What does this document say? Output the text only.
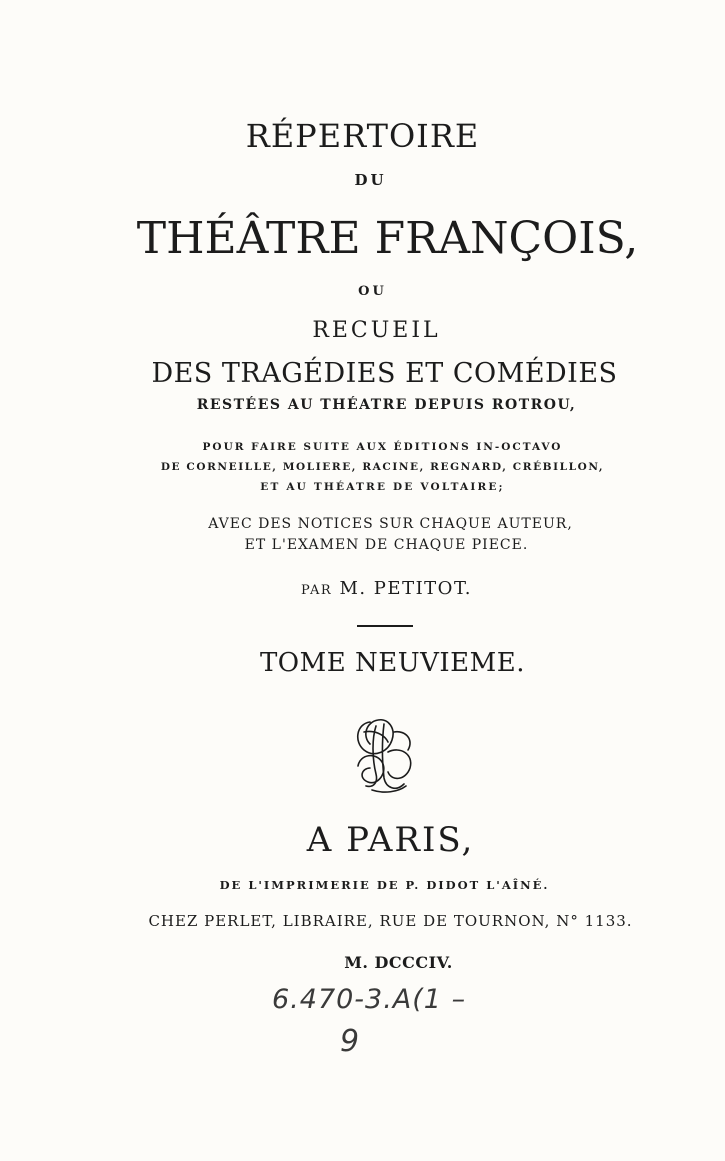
RÉPERTOIRE
DU
THÉÂTRE FRANÇOIS,
OU
RECUEIL
DES TRAGÉDIES ET COMÉDIES
RESTÉES AU THÉATRE DEPUIS ROTROU,
POUR FAIRE SUITE AUX ÉDITIONS IN-OCTAVO
DE CORNEILLE, MOLIERE, RACINE, REGNARD, CRÉBILLON,
ET AU THÉATRE DE VOLTAIRE;
AVEC DES NOTICES SUR CHAQUE AUTEUR,
ET L'EXAMEN DE CHAQUE PIECE.
PAR M. PETITOT.
TOME NEUVIEME.
A PARIS,
DE L'IMPRIMERIE DE P. DIDOT L'AÎNÉ.
CHEZ PERLET, LIBRAIRE, RUE DE TOURNON, N° 1133.
M. DCCCIV.
6.470-3.A(1 –
9
